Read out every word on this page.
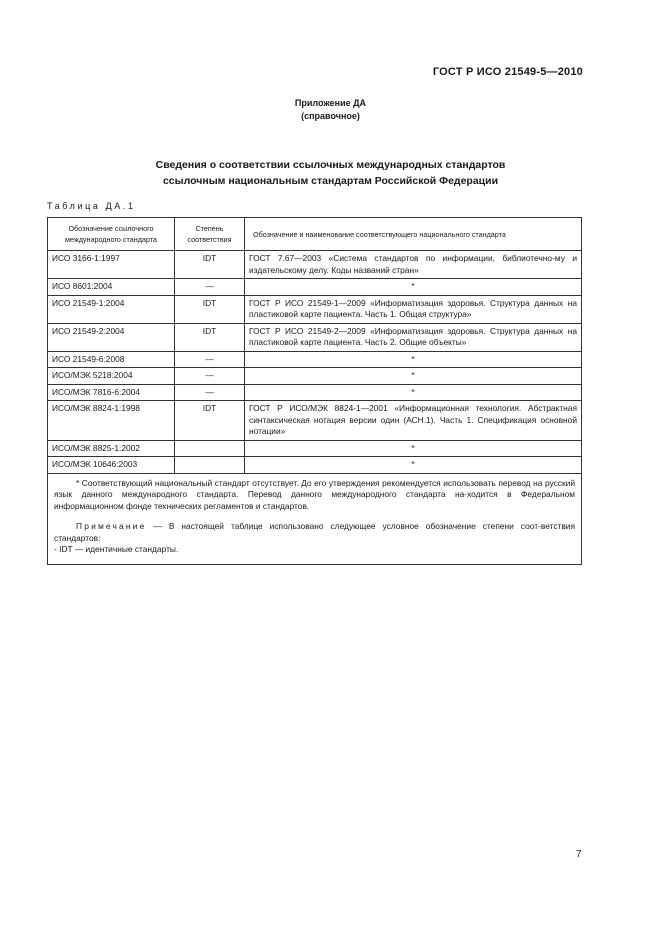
ГОСТ Р ИСО 21549-5—2010
Приложение ДА
(справочное)
Сведения о соответствии ссылочных международных стандартов
ссылочным национальным стандартам Российской Федерации
Таблица ДА.1
Обозначение ссылочного международного стандарта	Степень соответствия	Обозначение и наименование соответствующего национального стандарта
ИСО 3166-1:1997	IDT	ГОСТ 7.67—2003 «Система стандартов по информации, библиотечно-му и издательскому делу. Коды названий стран»
ИСО 8601:2004	—	*
ИСО 21549-1:2004	IDT	ГОСТ Р ИСО 21549-1—2009 «Информатизация здоровья. Структура данных на пластиковой карте пациента. Часть 1. Общая структура»
ИСО 21549-2:2004	IDT	ГОСТ Р ИСО 21549-2—2009 «Информатизация здоровья. Структура данных на пластиковой карте пациента. Часть 2. Общие объекты»
ИСО 21549-6:2008	—	*
ИСО/МЭК 5218:2004	—	*
ИСО/МЭК 7816-6:2004	—	*
ИСО/МЭК 8824-1:1998	IDT	ГОСТ Р ИСО/МЭК 8824-1—2001 «Информационная технология. Абстрактная синтаксическая нотация версии один (АСН.1). Часть 1. Спецификация основной нотации»
ИСО/МЭК 8825-1:2002		*
ИСО/МЭК 10646:2003		*

* Соответствующий национальный стандарт отсутствует. До его утверждения рекомендуется использовать перевод на русский язык данного международного стандарта. Перевод данного международного стандарта на-ходится в Федеральном информационном фонде технических регламентов и стандартов.

Примечание — В настоящей таблице использовано следующее условное обозначение степени соот-ветствия стандартов:

- IDT — идентичные стандарты.		

7
